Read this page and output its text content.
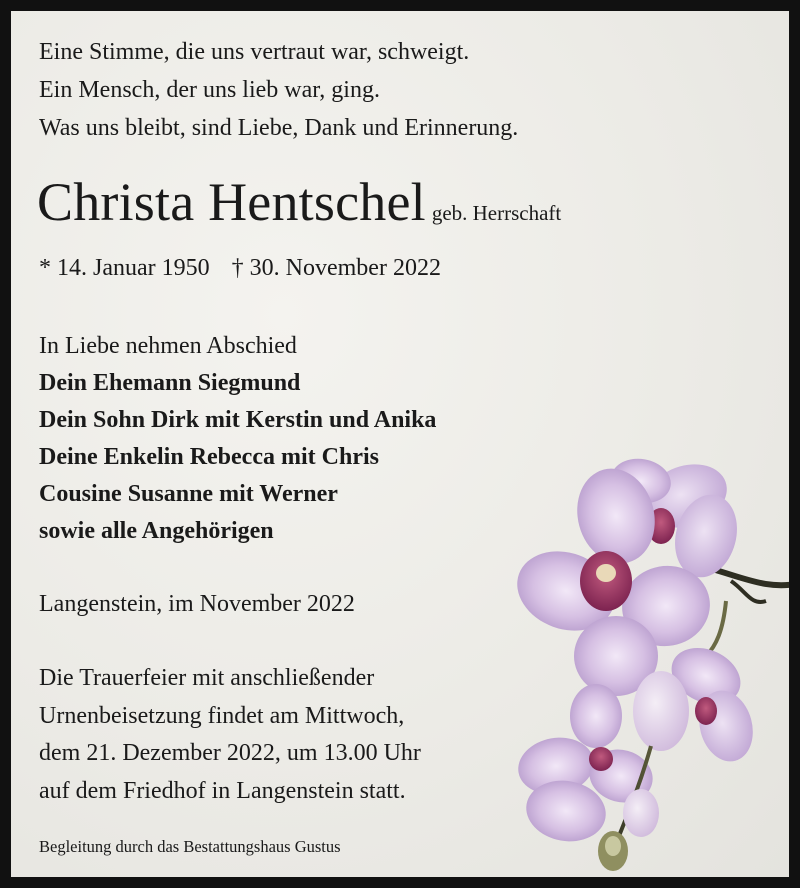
Eine Stimme, die uns vertraut war, schweigt.
Ein Mensch, der uns lieb war, ging.
Was uns bleibt, sind Liebe, Dank und Erinnerung.
Christa Hentschel geb. Herrschaft
* 14. Januar 1950 † 30. November 2022
In Liebe nehmen Abschied
Dein Ehemann Siegmund
Dein Sohn Dirk mit Kerstin und Anika
Deine Enkelin Rebecca mit Chris
Cousine Susanne mit Werner
sowie alle Angehörigen
Langenstein, im November 2022
Die Trauerfeier mit anschließender
Urnenbeisetzung findet am Mittwoch,
dem 21. Dezember 2022, um 13.00 Uhr
auf dem Friedhof in Langenstein statt.
Begleitung durch das Bestattungshaus Gustus
